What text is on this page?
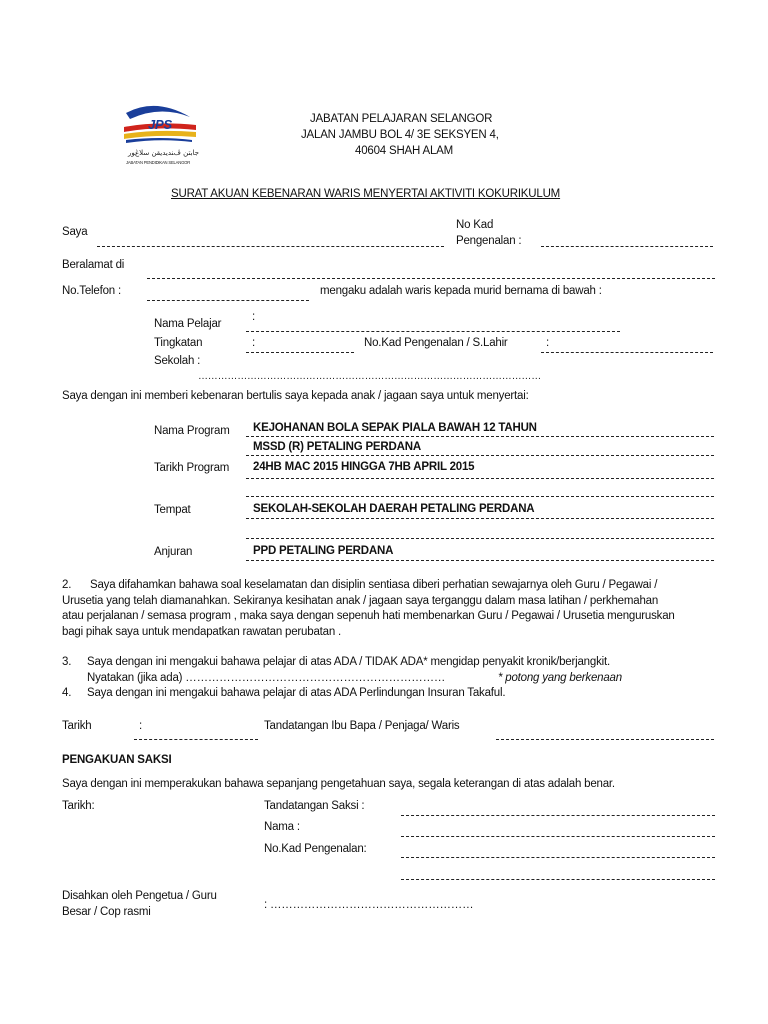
JPS
ﺟﺎﺑﺘﻦ ڤﻨﺪﻳﺪﻳﻘﻦ ﺳﻼڠﻮر
JABATAN PENDIDIKAN SELANGOR
JABATAN PELAJARAN SELANGOR
JALAN JAMBU BOL 4/ 3E SEKSYEN 4,
40604 SHAH ALAM
SURAT AKUAN KEBENARAN WARIS MENYERTAI AKTIVITI KOKURIKULUM
Saya
No Kad
Pengenalan :
Beralamat di
No.Telefon :	mengaku adalah waris kepada murid bernama di bawah :
Nama Pelajar
:
Tingkatan	:	No.Kad Pengenalan / S.Lahir	:
Sekolah :
……………………………………………………………………………………………
Saya dengan ini memberi kebenaran bertulis saya kepada anak / jagaan saya untuk menyertai:
Nama Program KEJOHANAN BOLA SEPAK PIALA BAWAH 12 TAHUN
MSSD (R) PETALING PERDANA
Tarikh Program 24HB MAC 2015 HINGGA 7HB APRIL 2015
Tempat	SEKOLAH-SEKOLAH DAERAH PETALING PERDANA
Anjuran	PPD PETALING PERDANA
2. Saya difahamkan bahawa soal keselamatan dan disiplin sentiasa diberi perhatian sewajarnya oleh Guru / Pegawai /
Urusetia yang telah diamanahkan. Sekiranya kesihatan anak / jagaan saya terganggu dalam masa latihan / perkhemahan
atau perjalanan / semasa program , maka saya dengan sepenuh hati membenarkan Guru / Pegawai / Urusetia menguruskan
bagi pihak saya untuk mendapatkan rawatan perubatan .
3. Saya dengan ini mengakui bahawa pelajar di atas ADA / TIDAK ADA* mengidap penyakit kronik/berjangkit.
Nyatakan (jika ada) ……………………………………………………………	* potong yang berkenaan
4. Saya dengan ini mengakui bahawa pelajar di atas ADA Perlindungan Insuran Takaful.
Tarikh	:	Tandatangan Ibu Bapa / Penjaga/ Waris
PENGAKUAN SAKSI
Saya dengan ini memperakukan bahawa sepanjang pengetahuan saya, segala keterangan di atas adalah benar.
Tarikh:	Tandatangan Saksi :
Nama :
No.Kad Pengenalan:
Disahkan oleh Pengetua / Guru
Besar / Cop rasmi
: ………………………………………………
